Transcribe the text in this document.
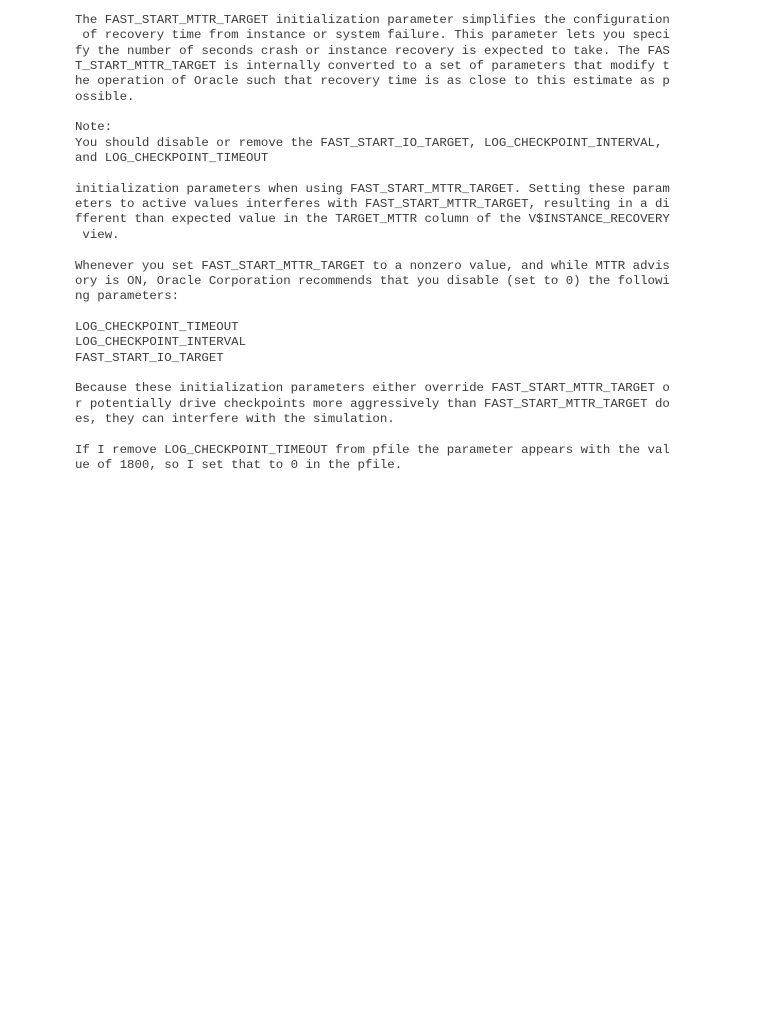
The FAST_START_MTTR_TARGET initialization parameter simplifies the configuration
of recovery time from instance or system failure. This parameter lets you speci
fy the number of seconds crash or instance recovery is expected to take. The FAS
T_START_MTTR_TARGET is internally converted to a set of parameters that modify t
he operation of Oracle such that recovery time is as close to this estimate as p
ossible.
Note:
You should disable or remove the FAST_START_IO_TARGET, LOG_CHECKPOINT_INTERVAL,
and LOG_CHECKPOINT_TIMEOUT
initialization parameters when using FAST_START_MTTR_TARGET. Setting these param
eters to active values interferes with FAST_START_MTTR_TARGET, resulting in a di
fferent than expected value in the TARGET_MTTR column of the V$INSTANCE_RECOVERY
view.
Whenever you set FAST_START_MTTR_TARGET to a nonzero value, and while MTTR advis
ory is ON, Oracle Corporation recommends that you disable (set to 0) the followi
ng parameters:
LOG_CHECKPOINT_TIMEOUT
LOG_CHECKPOINT_INTERVAL
FAST_START_IO_TARGET
Because these initialization parameters either override FAST_START_MTTR_TARGET o
r potentially drive checkpoints more aggressively than FAST_START_MTTR_TARGET do
es, they can interfere with the simulation.
If I remove LOG_CHECKPOINT_TIMEOUT from pfile the parameter appears with the val
ue of 1800, so I set that to 0 in the pfile.
